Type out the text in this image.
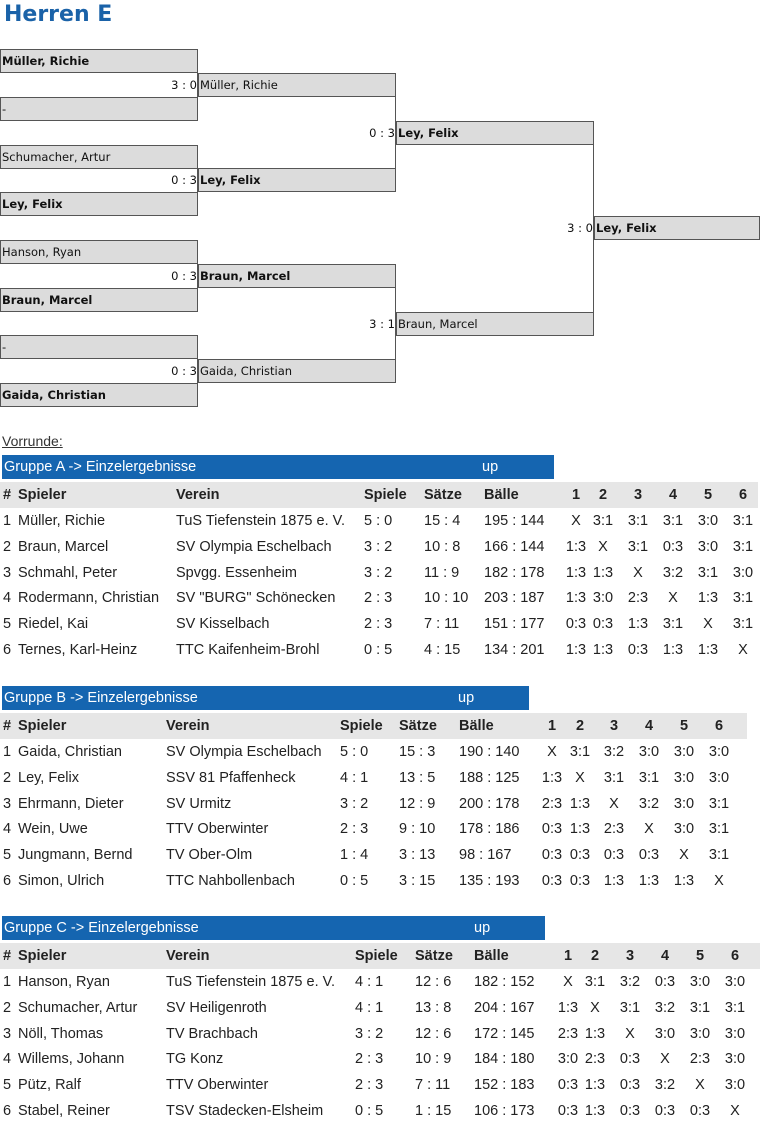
Herren E
Müller, Richie
-
Schumacher, Artur
Ley, Felix
Hanson, Ryan
Braun, Marcel
-
Gaida, Christian
Müller, Richie
3 : 0
Ley, Felix
0 : 3
Braun, Marcel
0 : 3
Gaida, Christian
0 : 3
Ley, Felix
0 : 3
Braun, Marcel
3 : 1
Ley, Felix
3 : 0
Vorrunde:
Gruppe A -> Einzelergebnisse	up
# Spieler	Verein	Spiele Sätze Bälle	1	2	3	4	5	6
1 Müller, Richie	TuS Tiefenstein 1875 e. V. 5 : 0 15 : 4 195 : 144	X 3:1 3:1 3:1 3:0 3:1
2 Braun, Marcel	SV Olympia Eschelbach 3 : 2 10 : 8 166 : 144 1:3 X	3:1 0:3 3:0 3:1
3 Schmahl, Peter	Spvgg. Essenheim	3 : 2 11 : 9 182 : 178 1:3 1:3	X	3:2 3:1 3:0
4 Rodermann, Christian SV "BURG" Schönecken 2 : 3 10 : 10 203 : 187 1:3 3:0 2:3	X	1:3 3:1
5 Riedel, Kai	SV Kisselbach	2 : 3 7 : 11 151 : 177 0:3 0:3 1:3 3:1	X	3:1
6 Ternes, Karl-Heinz	TTC Kaifenheim-Brohl	0 : 5 4 : 15 134 : 201 1:3 1:3 0:3 1:3 1:3	X
Gruppe B -> Einzelergebnisse	up
# Spieler	Verein	Spiele Sätze Bälle	1	2	3	4	5	6
1 Gaida, Christian	SV Olympia Eschelbach 5 : 0 15 : 3 190 : 140	X 3:1 3:2 3:0 3:0 3:0
2 Ley, Felix	SSV 81 Pfaffenheck	4 : 1 13 : 5 188 : 125 1:3 X	3:1 3:1 3:0 3:0
3 Ehrmann, Dieter	SV Urmitz	3 : 2 12 : 9 200 : 178 2:3 1:3	X	3:2 3:0 3:1
4 Wein, Uwe	TTV Oberwinter	2 : 3 9 : 10 178 : 186 0:3 1:3 2:3	X	3:0 3:1
5 Jungmann, Bernd TV Ober-Olm	1 : 4 3 : 13 98 : 167 0:3 0:3 0:3 0:3	X	3:1
6 Simon, Ulrich	TTC Nahbollenbach	0 : 5 3 : 15 135 : 193 0:3 0:3 1:3 1:3 1:3	X
Gruppe C -> Einzelergebnisse	up
# Spieler	Verein	Spiele Sätze Bälle	1	2	3	4	5	6
1 Hanson, Ryan	TuS Tiefenstein 1875 e. V. 4 : 1 12 : 6 182 : 152	X 3:1 3:2 0:3 3:0 3:0
2 Schumacher, Artur SV Heiligenroth	4 : 1 13 : 8 204 : 167 1:3 X	3:1 3:2 3:1 3:1
3 Nöll, Thomas	TV Brachbach	3 : 2 12 : 6 172 : 145 2:3 1:3	X	3:0 3:0 3:0
4 Willems, Johann	TG Konz	2 : 3 10 : 9 184 : 180 3:0 2:3 0:3	X	2:3 3:0
5 Pütz, Ralf	TTV Oberwinter	2 : 3 7 : 11 152 : 183 0:3 1:3 0:3 3:2	X	3:0
6 Stabel, Reiner	TSV Stadecken-Elsheim 0 : 5 1 : 15 106 : 173 0:3 1:3 0:3 0:3 0:3	X
